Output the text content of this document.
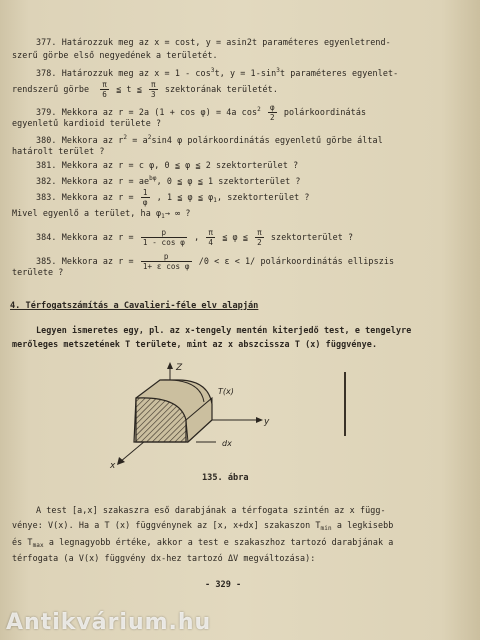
377. Határozzuk meg az x = cost, y = asin2t paraméteres egyenletrend-
szerű görbe első negyedének a területét.
378. Határozzuk meg az $x = 1 - \cos^3t$, $y = 1-\sin^3t$ paraméteres egyenlet-
rendszerű görbe $\frac{\pi}{6}$ ≦ t ≦ $\frac{\pi}{3}$ szektorának területét.
379. Mekkora az r = 2a (1 + cos φ) = 4a $\cos^2 \frac{\varphi}{2}$ polárkoordinátás
egyenletű kardioid területe ?
380. Mekkora az $r^2 = a^2\sin 4$ φ polárkoordinátás egyenletű görbe által
határolt terület ?
381. Mekkora az r = c φ, 0 ≦ φ ≦ 2 szektorterület ?
382. Mekkora az $r = ae^{b\varphi}$, 0 ≦ φ ≦ 1 szektorterület ?
383. Mekkora az $r = \frac{1}{\varphi}$ , 1 ≦ φ ≦ $\varphi_1$, szektorterület ?
Mivel egyenlő a terület, ha $\varphi_1\to$ ∞ ?
384. Mekkora az $r = \frac{p}{\text{1 - cos φ}}$ , $\frac{\pi}{4}$ ≦ φ ≦ $\frac{\pi}{2}$ szektorterület ?
385. Mekkora az $r = \frac{p}{\text{1+ ε cos φ}} /0 < \varepsilon < 1/$ polárkoordinátás ellipszis
területe ?
4. Térfogatszámítás a Cavalieri-féle elv alapján
Legyen ismeretes egy, pl. az x-tengely mentén kiterjedő test, e tengelyre
merőleges metszetének T területe, mint az x abszcissza T (x) függvénye.
Z
y
x
T(x)
dx
135. ábra
A test [a,x] szakaszra eső darabjának a térfogata szintén az x függ-
vénye: V(x). Ha a T (x) függvénynek az [x, x+dx] szakaszon $T_{min}$ a legkisebb
és $T_{max}$ a legnagyobb értéke, akkor a test e szakaszhoz tartozó darabjának a
térfogata (a V(x) függvény dx-hez tartozó ΔV megváltozása):
- 329 -
Antikvárium.hu
